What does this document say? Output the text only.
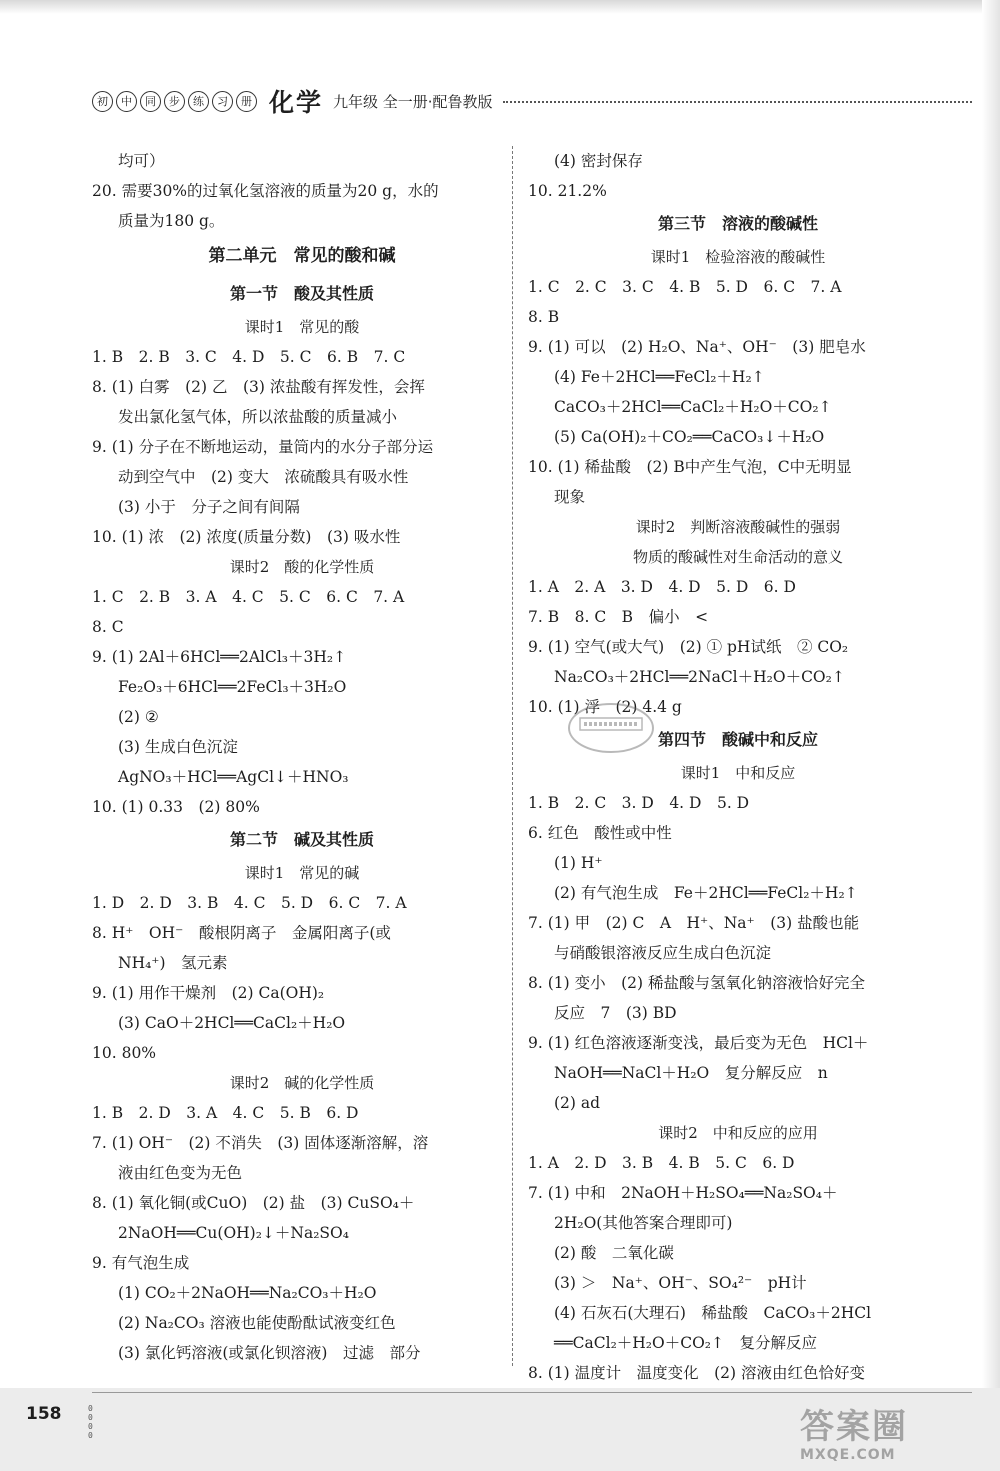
初	中	同	步	练	习	册 化学 九年级 全一册·配鲁教版
均可）
20. 需要30%的过氧化氢溶液的质量为20 g，水的
质量为180 g。
第二单元　常见的酸和碱
第一节　酸及其性质
课时1　常见的酸
1. B　2. B　3. C　4. D　5. C　6. B　7. C
8. (1) 白雾　(2) 乙　(3) 浓盐酸有挥发性，会挥
发出氯化氢气体，所以浓盐酸的质量减小
9. (1) 分子在不断地运动，量筒内的水分子部分运
动到空气中　(2) 变大　浓硫酸具有吸水性
(3) 小于　分子之间有间隔
10. (1) 浓　(2) 浓度(质量分数)　(3) 吸水性
课时2　酸的化学性质
1. C　2. B　3. A　4. C　5. C　6. C　7. A
8. C
9. (1) 2Al＋6HCl══2AlCl₃＋3H₂↑
Fe₂O₃＋6HCl══2FeCl₃＋3H₂O
(2) ②
(3) 生成白色沉淀
AgNO₃＋HCl══AgCl↓＋HNO₃
10. (1) 0.33　(2) 80%
第二节　碱及其性质
课时1　常见的碱
1. D　2. D　3. B　4. C　5. D　6. C　7. A
8. H⁺　OH⁻　酸根阴离子　金属阳离子(或
NH₄⁺)　氢元素
9. (1) 用作干燥剂　(2) Ca(OH)₂
(3) CaO＋2HCl══CaCl₂＋H₂O
10. 80%
课时2　碱的化学性质
1. B　2. D　3. A　4. C　5. B　6. D
7. (1) OH⁻　(2) 不消失　(3) 固体逐渐溶解，溶
液由红色变为无色
8. (1) 氧化铜(或CuO)　(2) 盐　(3) CuSO₄＋
2NaOH══Cu(OH)₂↓＋Na₂SO₄
9. 有气泡生成
(1) CO₂＋2NaOH══Na₂CO₃＋H₂O
(2) Na₂CO₃ 溶液也能使酚酞试液变红色
(3) 氯化钙溶液(或氯化钡溶液)　过滤　部分
(4) 密封保存
10. 21.2%
第三节　溶液的酸碱性
课时1　检验溶液的酸碱性
1. C　2. C　3. C　4. B　5. D　6. C　7. A
8. B
9. (1) 可以　(2) H₂O、Na⁺、OH⁻　(3) 肥皂水
(4) Fe＋2HCl══FeCl₂＋H₂↑
CaCO₃＋2HCl══CaCl₂＋H₂O＋CO₂↑
(5) Ca(OH)₂＋CO₂══CaCO₃↓＋H₂O
10. (1) 稀盐酸　(2) B中产生气泡，C中无明显
现象
课时2　判断溶液酸碱性的强弱
物质的酸碱性对生命活动的意义
1. A　2. A　3. D　4. D　5. D　6. D
7. B　8. C　B　偏小　<
9. (1) 空气(或大气)　(2) ① pH试纸　② CO₂
Na₂CO₃＋2HCl══2NaCl＋H₂O＋CO₂↑
10. (1) 浮　(2) 4.4 g
第四节　酸碱中和反应
课时1　中和反应
1. B　2. C　3. D　4. D　5. D
6. 红色　酸性或中性
(1) H⁺
(2) 有气泡生成　Fe＋2HCl══FeCl₂＋H₂↑
7. (1) 甲　(2) C　A　H⁺、Na⁺　(3) 盐酸也能
与硝酸银溶液反应生成白色沉淀
8. (1) 变小　(2) 稀盐酸与氢氧化钠溶液恰好完全
反应　7　(3) BD
9. (1) 红色溶液逐渐变浅，最后变为无色　HCl＋
NaOH══NaCl＋H₂O　复分解反应　n
(2) ad
课时2　中和反应的应用
1. A　2. D　3. B　4. B　5. C　6. D
7. (1) 中和　2NaOH＋H₂SO₄══Na₂SO₄＋
2H₂O(其他答案合理即可)
(2) 酸　二氧化碳
(3) ＞　Na⁺、OH⁻、SO₄²⁻　pH计
(4) 石灰石(大理石)　稀盐酸　CaCO₃＋2HCl
══CaCl₂＋H₂O＋CO₂↑　复分解反应
8. (1) 温度计　温度变化　(2) 溶液由红色恰好变
158	0
0
0
0	答案圈
MXQE.COM
